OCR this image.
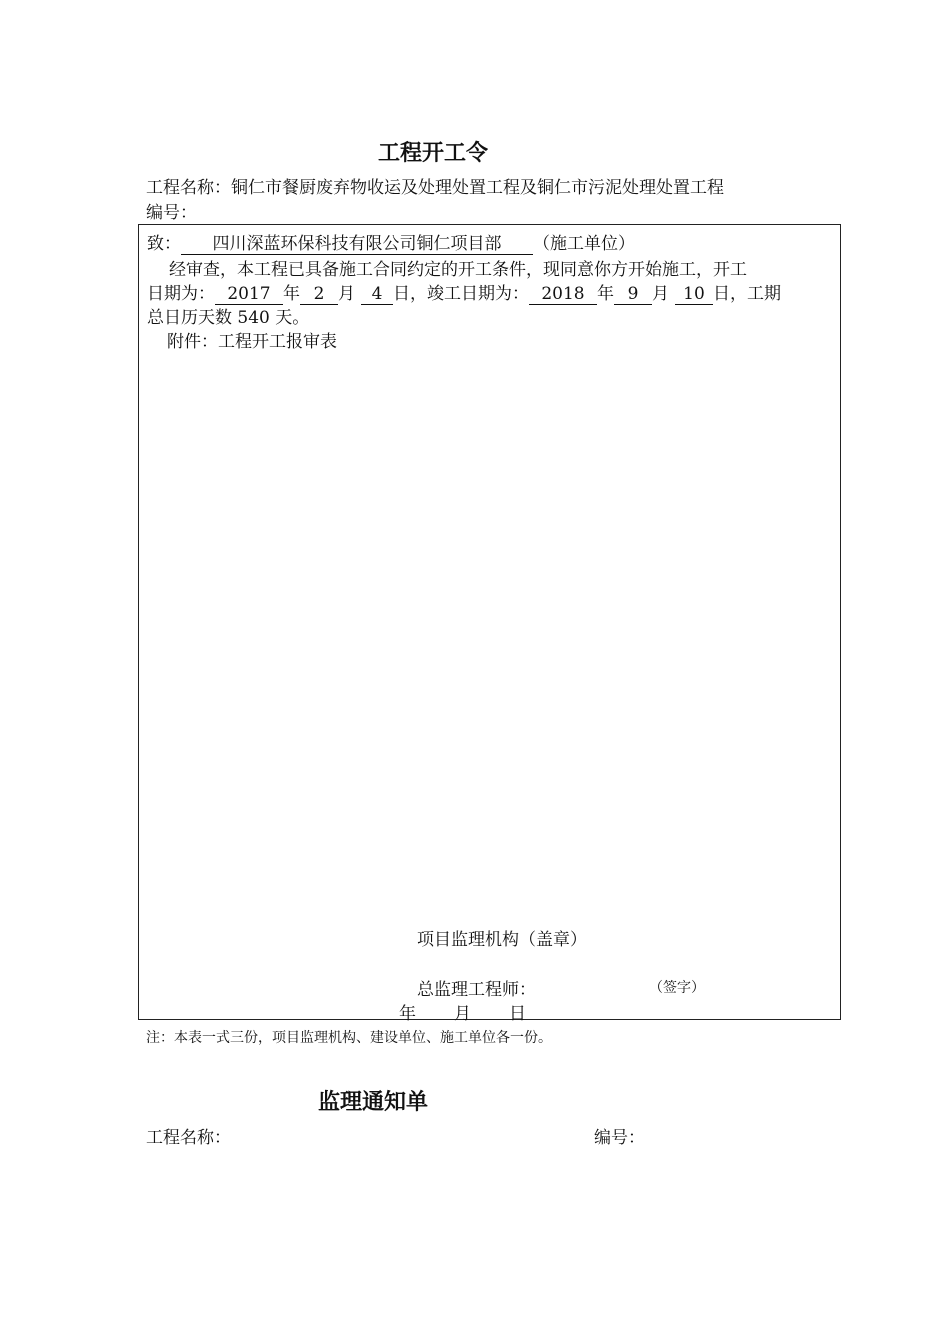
工程开工令
工程名称：铜仁市餐厨废弃物收运及处理处置工程及铜仁市污泥处理处置工程
编号：
致： 四川深蓝环保科技有限公司铜仁项目部 （施工单位）
经审查，本工程已具备施工合同约定的开工条件，现同意你方开始施工，开工
日期为： 2017 年 2 月 4 日，竣工日期为： 2018 年 9 月 10 日，工期
总日历天数 540 天。
附件：工程开工报审表
项目监理机构（盖章）
总监理工程师：	（签字）
年 月 日
注：本表一式三份，项目监理机构、建设单位、施工单位各一份。
监理通知单
工程名称：	编号：
